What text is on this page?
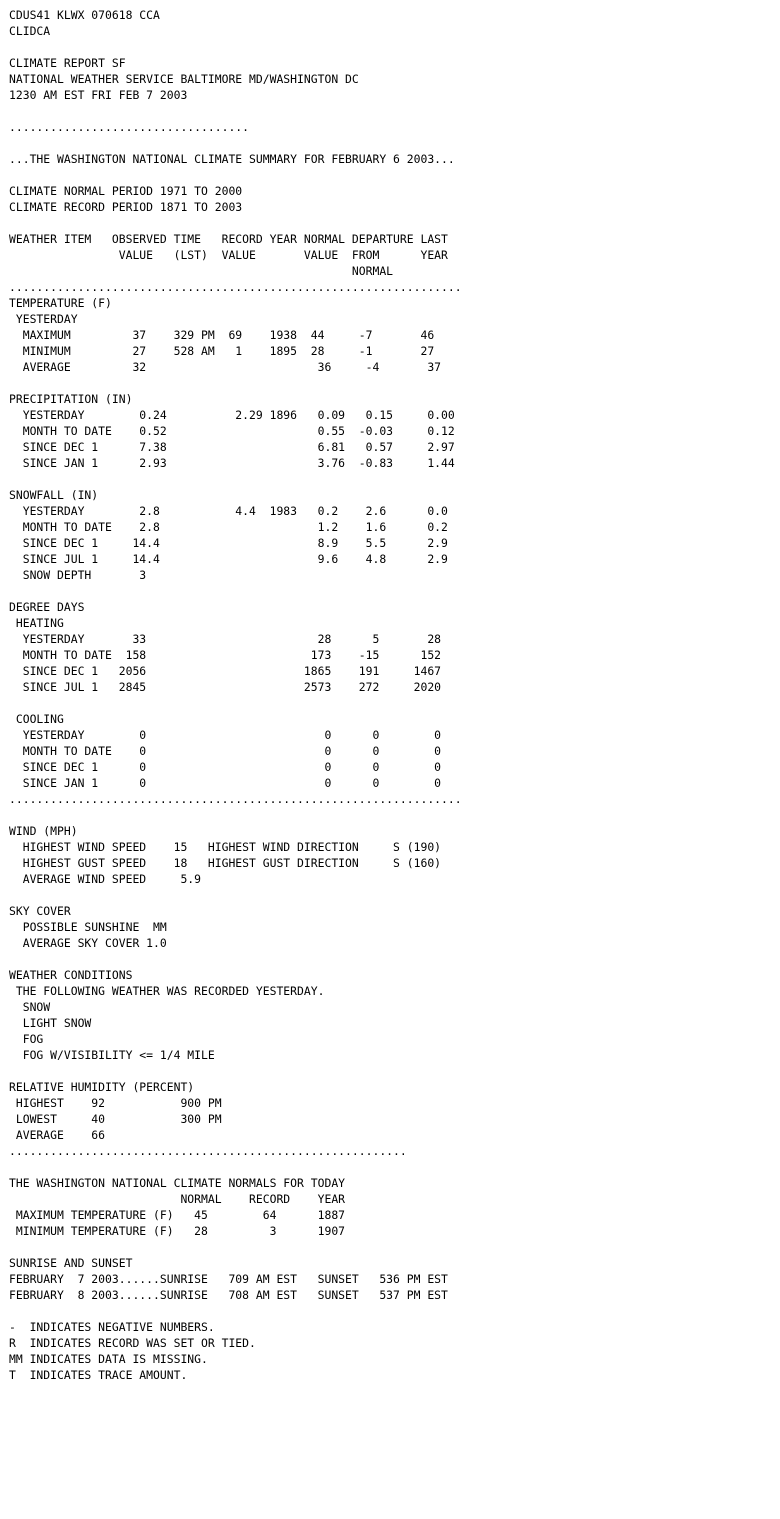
CDUS41 KLWX 070618 CCA
CLIDCA
CLIMATE REPORT SF
NATIONAL WEATHER SERVICE BALTIMORE MD/WASHINGTON DC
1230 AM EST FRI FEB 7 2003
...................................
...THE WASHINGTON NATIONAL CLIMATE SUMMARY FOR FEBRUARY 6 2003...
CLIMATE NORMAL PERIOD 1971 TO 2000
CLIMATE RECORD PERIOD 1871 TO 2003
WEATHER ITEM   OBSERVED TIME   RECORD YEAR NORMAL DEPARTURE LAST
VALUE   (LST)  VALUE       VALUE  FROM      YEAR
NORMAL
..................................................................
TEMPERATURE (F)
YESTERDAY
MAXIMUM         37    329 PM  69    1938  44     -7       46
MINIMUM         27    528 AM   1    1895  28     -1       27
AVERAGE         32                         36     -4       37
PRECIPITATION (IN)
YESTERDAY        0.24          2.29 1896   0.09   0.15     0.00
MONTH TO DATE    0.52                      0.55  -0.03     0.12
SINCE DEC 1      7.38                      6.81   0.57     2.97
SINCE JAN 1      2.93                      3.76  -0.83     1.44
SNOWFALL (IN)
YESTERDAY        2.8           4.4  1983   0.2    2.6      0.0
MONTH TO DATE    2.8                       1.2    1.6      0.2
SINCE DEC 1     14.4                       8.9    5.5      2.9
SINCE JUL 1     14.4                       9.6    4.8      2.9
SNOW DEPTH       3
DEGREE DAYS
HEATING
YESTERDAY       33                         28      5       28
MONTH TO DATE  158                        173    -15      152
SINCE DEC 1   2056                       1865    191     1467
SINCE JUL 1   2845                       2573    272     2020
COOLING
YESTERDAY        0                          0      0        0
MONTH TO DATE    0                          0      0        0
SINCE DEC 1      0                          0      0        0
SINCE JAN 1      0                          0      0        0
..................................................................
WIND (MPH)
HIGHEST WIND SPEED    15   HIGHEST WIND DIRECTION     S (190)
HIGHEST GUST SPEED    18   HIGHEST GUST DIRECTION     S (160)
AVERAGE WIND SPEED     5.9
SKY COVER
POSSIBLE SUNSHINE  MM
AVERAGE SKY COVER 1.0
WEATHER CONDITIONS
THE FOLLOWING WEATHER WAS RECORDED YESTERDAY.
SNOW
LIGHT SNOW
FOG
FOG W/VISIBILITY <= 1/4 MILE
RELATIVE HUMIDITY (PERCENT)
HIGHEST    92           900 PM
LOWEST     40           300 PM
AVERAGE    66
..........................................................
THE WASHINGTON NATIONAL CLIMATE NORMALS FOR TODAY
NORMAL    RECORD    YEAR
MAXIMUM TEMPERATURE (F)   45        64      1887
MINIMUM TEMPERATURE (F)   28         3      1907
SUNRISE AND SUNSET
FEBRUARY  7 2003......SUNRISE   709 AM EST   SUNSET   536 PM EST
FEBRUARY  8 2003......SUNRISE   708 AM EST   SUNSET   537 PM EST
-  INDICATES NEGATIVE NUMBERS.
R  INDICATES RECORD WAS SET OR TIED.
MM INDICATES DATA IS MISSING.
T  INDICATES TRACE AMOUNT.
